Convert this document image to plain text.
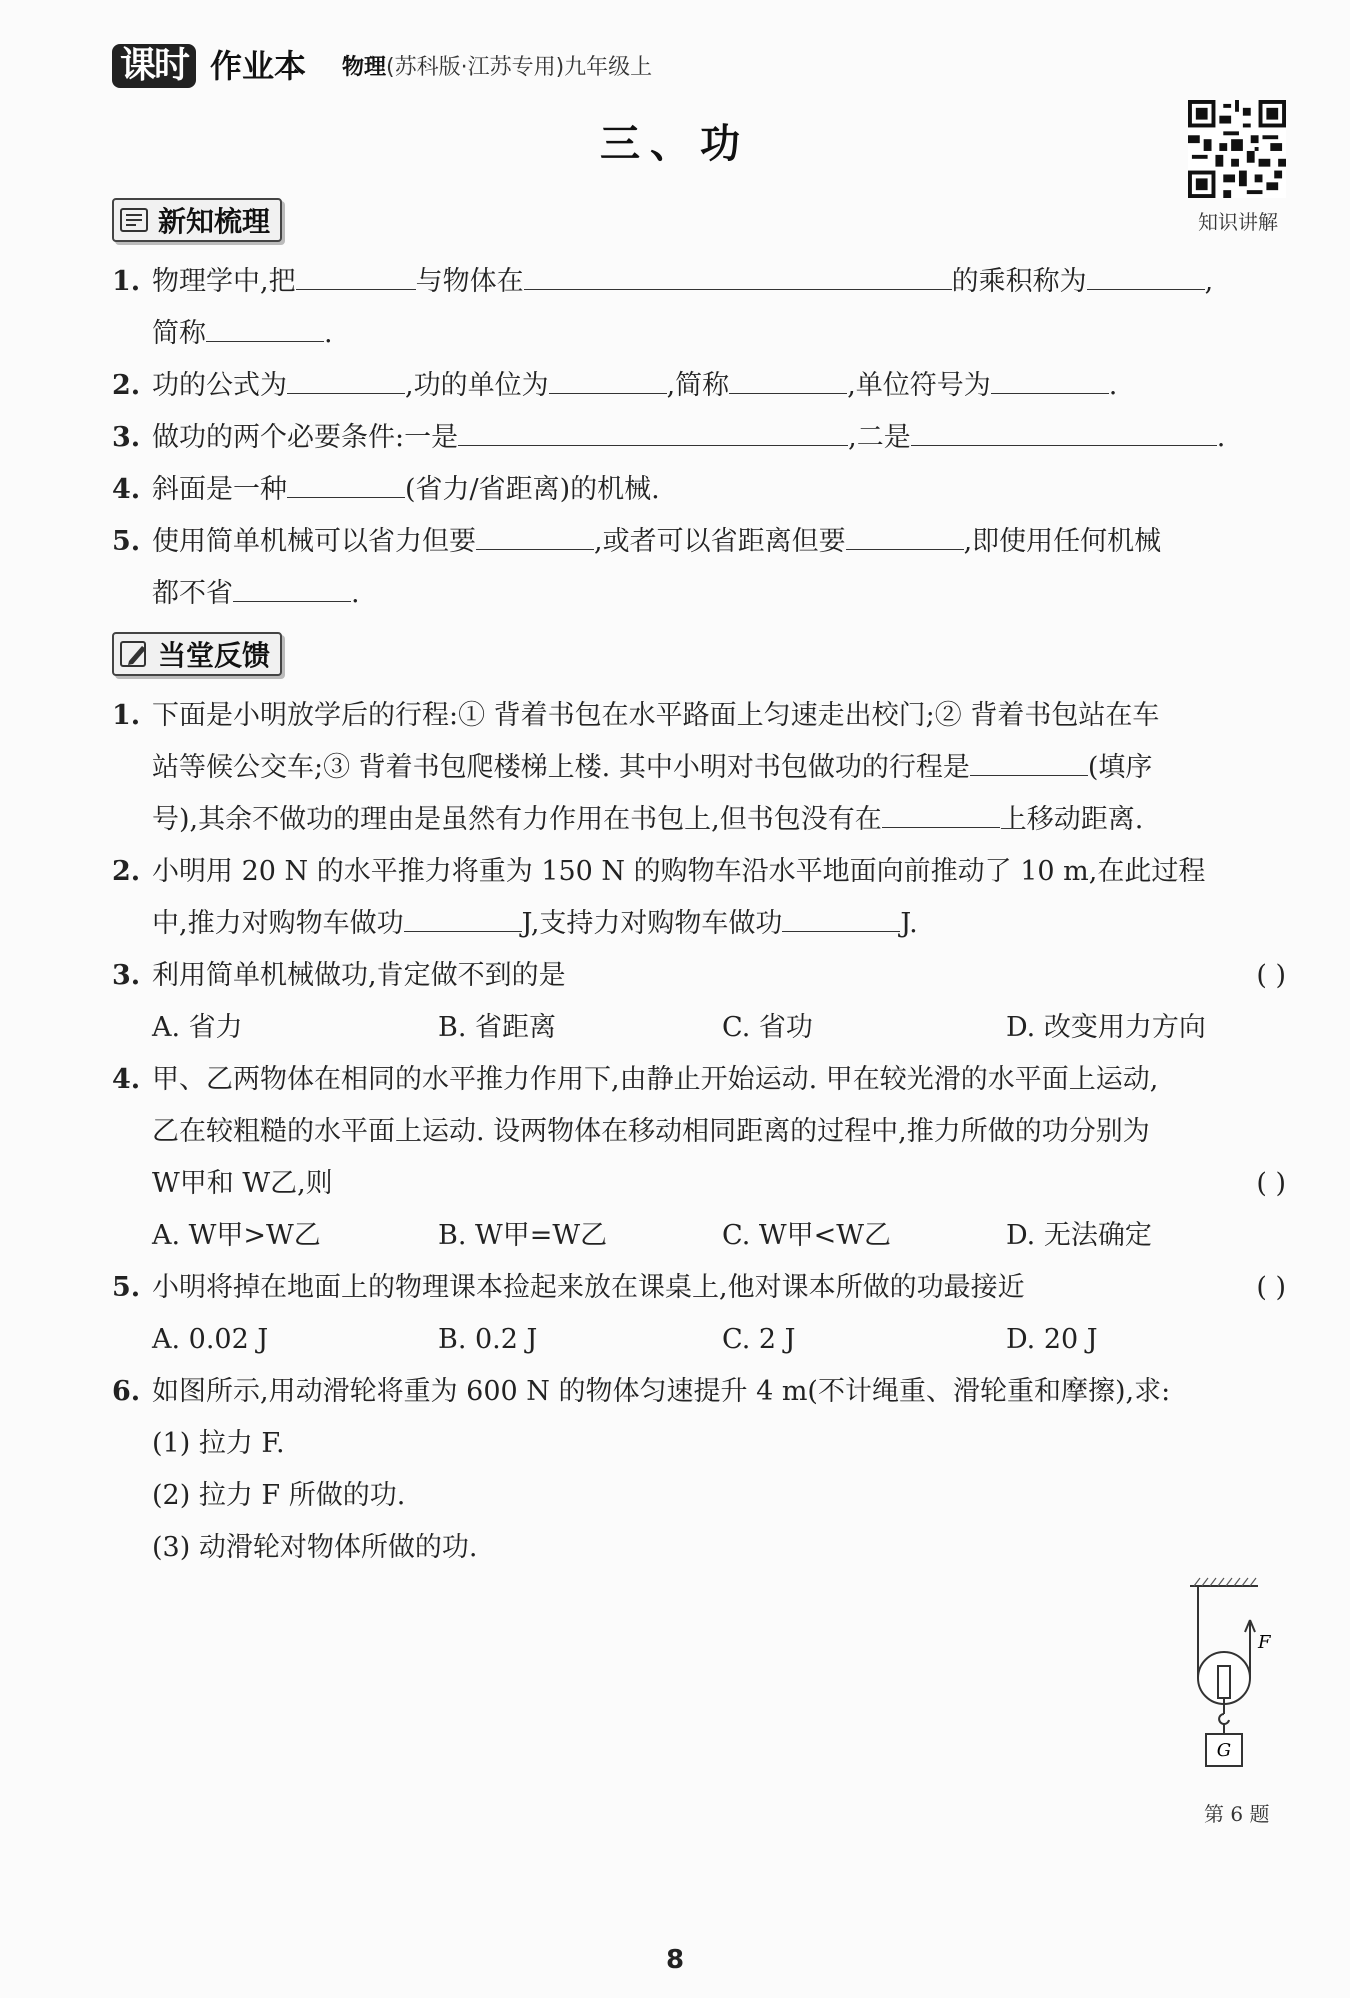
课时 作业本 物理(苏科版·江苏专用)九年级上
三、功
知识讲解
新知梳理
1. 物理学中,把	与物体在	的乘积称为	,
简称	.
2. 功的公式为	,功的单位为	,简称	,单位符号为	.
3. 做功的两个必要条件:一是	,二是	.
4. 斜面是一种	(省力/省距离)的机械.
5. 使用简单机械可以省力但要	,或者可以省距离但要	,即使用任何机械
都不省	.
当堂反馈
1. 下面是小明放学后的行程:① 背着书包在水平路面上匀速走出校门;② 背着书包站在车
站等候公交车;③ 背着书包爬楼梯上楼. 其中小明对书包做功的行程是	(填序
号),其余不做功的理由是虽然有力作用在书包上,但书包没有在	上移动距离.
2. 小明用 20 N 的水平推力将重为 150 N 的购物车沿水平地面向前推动了 10 m,在此过程
中,推力对购物车做功	J,支持力对购物车做功	J.
3. 利用简单机械做功,肯定做不到的是	( )
A. 省力	B. 省距离	C. 省功	D. 改变用力方向
4. 甲、乙两物体在相同的水平推力作用下,由静止开始运动. 甲在较光滑的水平面上运动,
乙在较粗糙的水平面上运动. 设两物体在移动相同距离的过程中,推力所做的功分别为
W甲和 W乙,则	( )
A. W甲>W乙	B. W甲=W乙	C. W甲<W乙	D. 无法确定
5. 小明将掉在地面上的物理课本捡起来放在课桌上,他对课本所做的功最接近	( )
A. 0.02 J	B. 0.2 J	C. 2 J	D. 20 J
6. 如图所示,用动滑轮将重为 600 N 的物体匀速提升 4 m(不计绳重、滑轮重和摩擦),求:
(1) 拉力 F.
(2) 拉力 F 所做的功.
(3) 动滑轮对物体所做的功.
F
G
第 6 题
8
